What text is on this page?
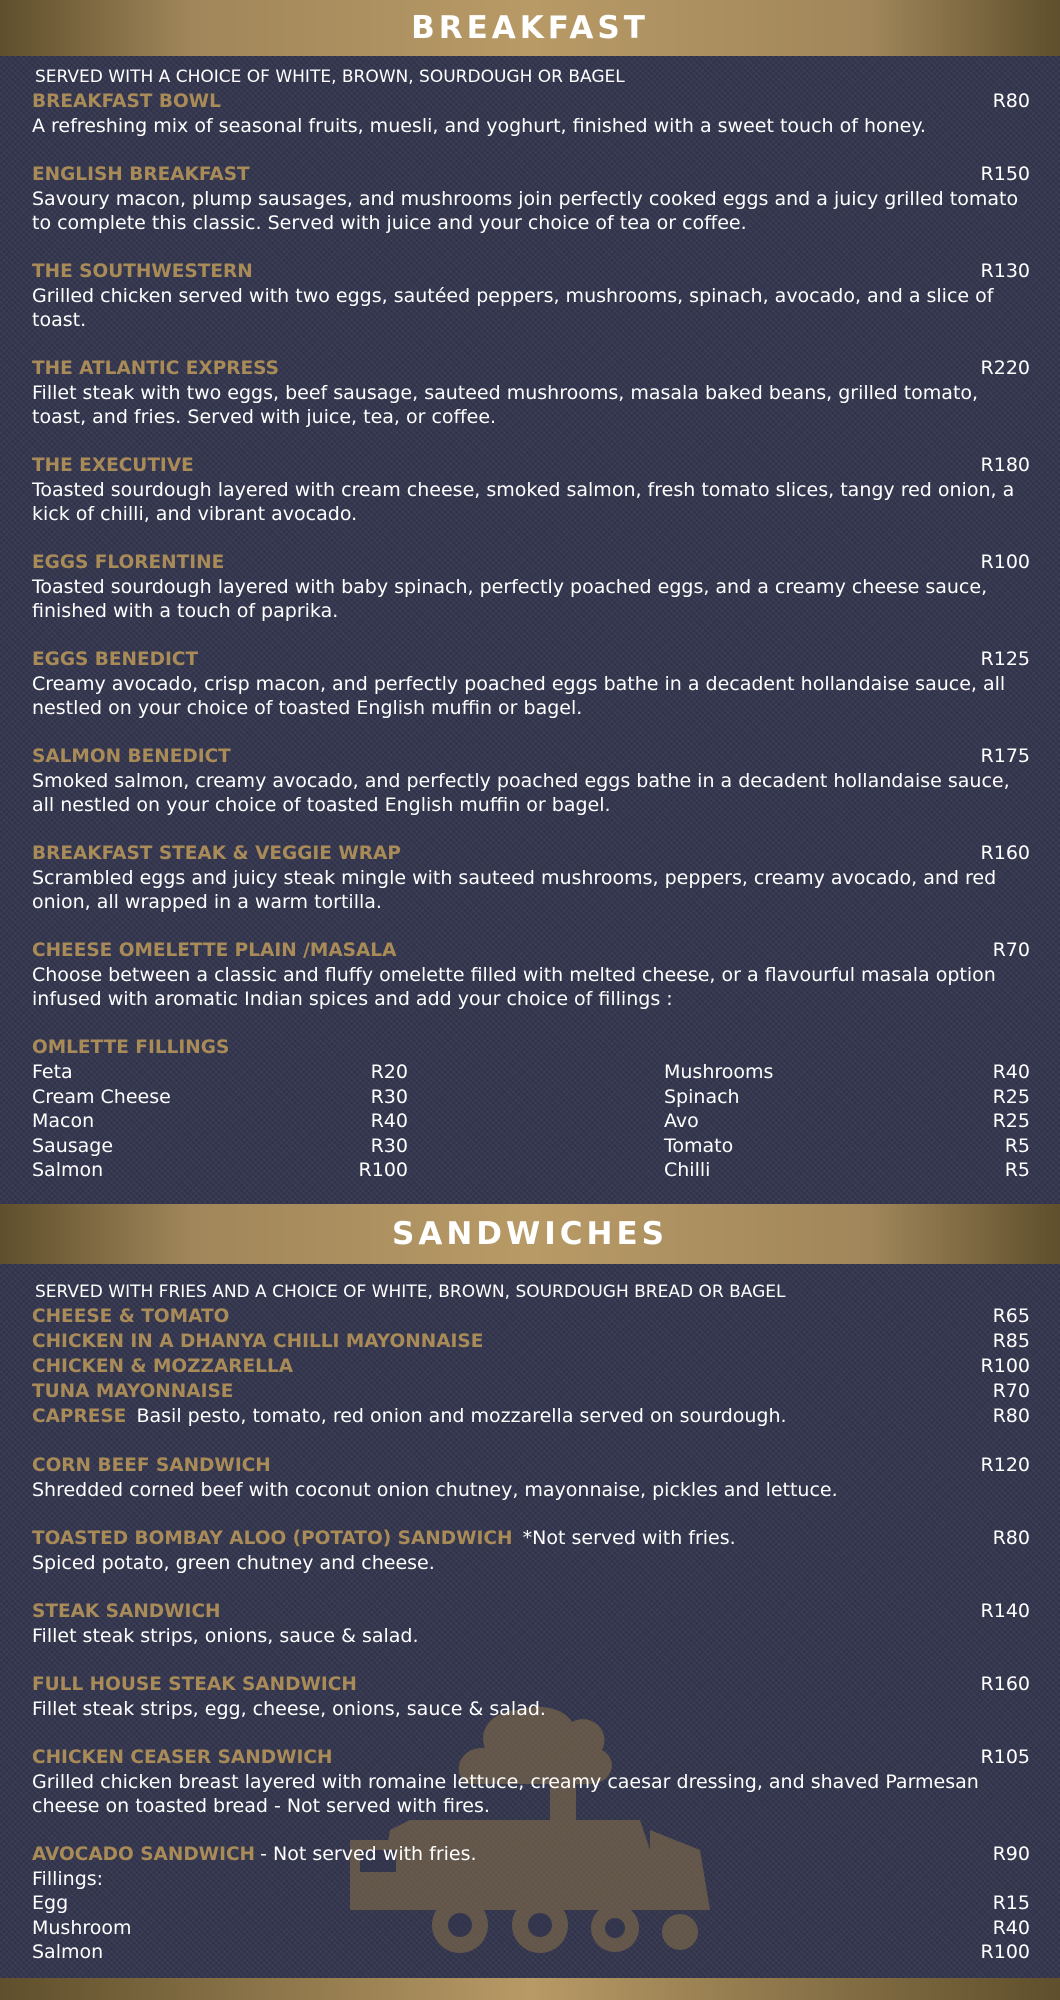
BREAKFAST
SERVED WITH A CHOICE OF WHITE, BROWN, SOURDOUGH OR BAGEL
BREAKFAST BOWL	R80
A refreshing mix of seasonal fruits, muesli, and yoghurt, finished with a sweet touch of honey.
ENGLISH BREAKFAST	R150
Savoury macon, plump sausages, and mushrooms join perfectly cooked eggs and a juicy grilled tomato to complete this classic. Served with juice and your choice of tea or coffee.
THE SOUTHWESTERN	R130
Grilled chicken served with two eggs, sautéed peppers, mushrooms, spinach, avocado, and a slice of toast.
THE ATLANTIC EXPRESS	R220
Fillet steak with two eggs, beef sausage, sauteed mushrooms, masala baked beans, grilled tomato, toast, and fries. Served with juice, tea, or coffee.
THE EXECUTIVE	R180
Toasted sourdough layered with cream cheese, smoked salmon, fresh tomato slices, tangy red onion, a kick of chilli, and vibrant avocado.
EGGS FLORENTINE	R100
Toasted sourdough layered with baby spinach, perfectly poached eggs, and a creamy cheese sauce, finished with a touch of paprika.
EGGS BENEDICT	R125
Creamy avocado, crisp macon, and perfectly poached eggs bathe in a decadent hollandaise sauce, all nestled on your choice of toasted English muffin or bagel.
SALMON BENEDICT	R175
Smoked salmon, creamy avocado, and perfectly poached eggs bathe in a decadent hollandaise sauce, all nestled on your choice of toasted English muffin or bagel.
BREAKFAST STEAK & VEGGIE WRAP	R160
Scrambled eggs and juicy steak mingle with sauteed mushrooms, peppers, creamy avocado, and red onion, all wrapped in a warm tortilla.
CHEESE OMELETTE PLAIN /MASALA	R70
Choose between a classic and fluffy omelette filled with melted cheese, or a flavourful masala option infused with aromatic Indian spices and add your choice of fillings :
OMLETTE FILLINGS
Feta	R20
Cream Cheese	R30
Macon	R40
Sausage	R30
Salmon	R100
Mushrooms	R40
Spinach	R25
Avo	R25
Tomato	R5
Chilli	R5
SANDWICHES
SERVED WITH FRIES AND A CHOICE OF WHITE, BROWN, SOURDOUGH BREAD OR BAGEL
CHEESE & TOMATO	R65
CHICKEN IN A DHANYA CHILLI MAYONNAISE	R85
CHICKEN & MOZZARELLA	R100
TUNA MAYONNAISE	R70
CAPRESE Basil pesto, tomato, red onion and mozzarella served on sourdough.	R80
CORN BEEF SANDWICH	R120
Shredded corned beef with coconut onion chutney, mayonnaise, pickles and lettuce.
TOASTED BOMBAY ALOO (POTATO) SANDWICH *Not served with fries.	R80
Spiced potato, green chutney and cheese.
STEAK SANDWICH	R140
Fillet steak strips, onions, sauce & salad.
FULL HOUSE STEAK SANDWICH	R160
Fillet steak strips, egg, cheese, onions, sauce & salad.
CHICKEN CEASER SANDWICH	R105
Grilled chicken breast layered with romaine lettuce, creamy caesar dressing, and shaved Parmesan cheese on toasted bread - Not served with fires.
AVOCADO SANDWICH - Not served with fries.	R90
Fillings:
Egg	R15
Mushroom	R40
Salmon	R100
